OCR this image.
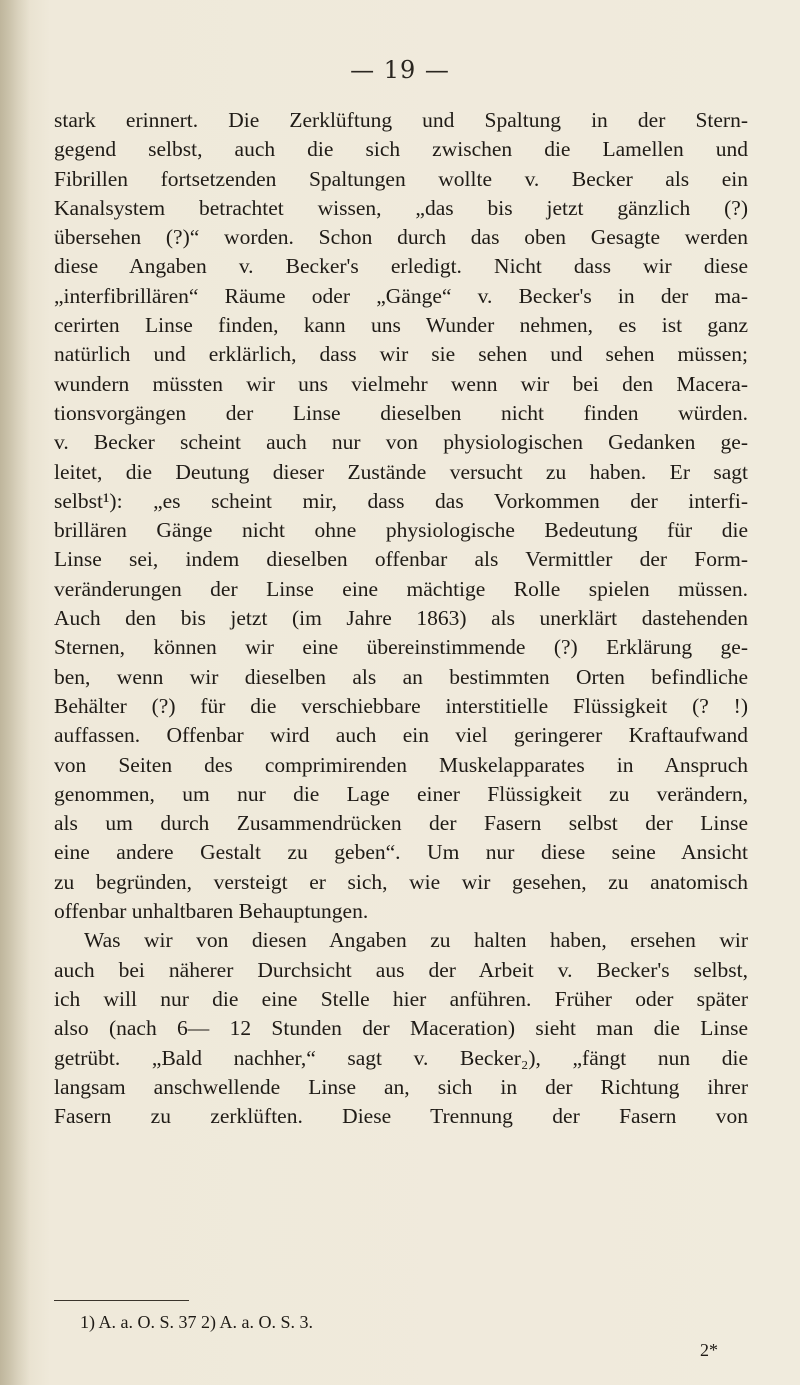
— 19 —
stark erinnert. Die Zerklüftung und Spaltung in der Stern-
gegend selbst, auch die sich zwischen die Lamellen und
Fibrillen fortsetzenden Spaltungen wollte v. Becker als ein
Kanalsystem betrachtet wissen, „das bis jetzt gänzlich (?)
übersehen (?)“ worden. Schon durch das oben Gesagte werden
diese Angaben v. Becker's erledigt. Nicht dass wir diese
„interfibrillären“ Räume oder „Gänge“ v. Becker's in der ma-
cerirten Linse finden, kann uns Wunder nehmen, es ist ganz
natürlich und erklärlich, dass wir sie sehen und sehen müssen;
wundern müssten wir uns vielmehr wenn wir bei den Macera-
tionsvorgängen der Linse dieselben nicht finden würden.
v. Becker scheint auch nur von physiologischen Gedanken ge-
leitet, die Deutung dieser Zustände versucht zu haben. Er sagt
selbst¹): „es scheint mir, dass das Vorkommen der interfi-
brillären Gänge nicht ohne physiologische Bedeutung für die
Linse sei, indem dieselben offenbar als Vermittler der Form-
veränderungen der Linse eine mächtige Rolle spielen müssen.
Auch den bis jetzt (im Jahre 1863) als unerklärt dastehenden
Sternen, können wir eine übereinstimmende (?) Erklärung ge-
ben, wenn wir dieselben als an bestimmten Orten befindliche
Behälter (?) für die verschiebbare interstitielle Flüssigkeit (? !)
auffassen. Offenbar wird auch ein viel geringerer Kraftaufwand
von Seiten des comprimirenden Muskelapparates in Anspruch
genommen, um nur die Lage einer Flüssigkeit zu verändern,
als um durch Zusammendrücken der Fasern selbst der Linse
eine andere Gestalt zu geben“. Um nur diese seine Ansicht
zu begründen, versteigt er sich, wie wir gesehen, zu anatomisch
offenbar unhaltbaren Behauptungen.
Was wir von diesen Angaben zu halten haben, ersehen wir
auch bei näherer Durchsicht aus der Arbeit v. Becker's selbst,
ich will nur die eine Stelle hier anführen. Früher oder später
also (nach 6— 12 Stunden der Maceration) sieht man die Linse
getrübt. „Bald nachher,“ sagt v. Becker₂), „fängt nun die
langsam anschwellende Linse an, sich in der Richtung ihrer
Fasern zu zerklüften. Diese Trennung der Fasern von
1) A. a. O. S. 37 2) A. a. O. S. 3.
2*
